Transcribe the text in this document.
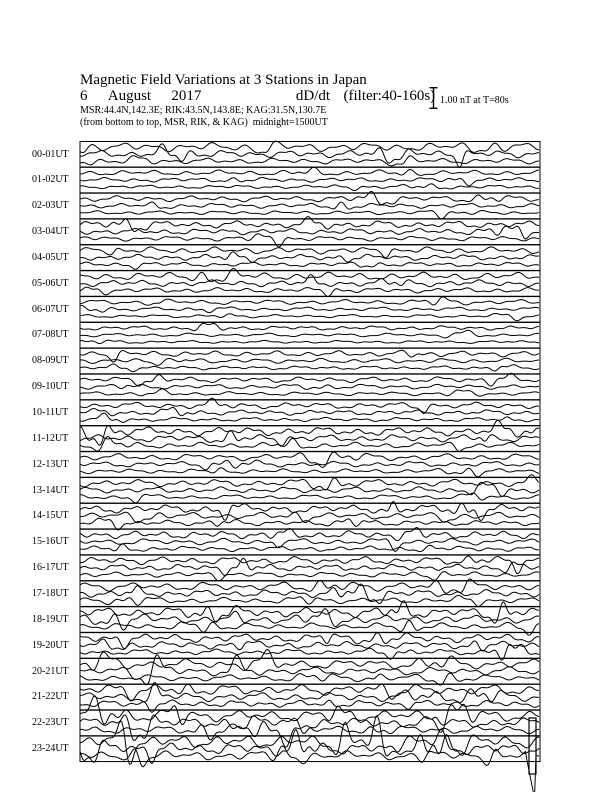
Magnetic Field Variations at 3 Stations in Japan
6 August 2017	dD/dt (filter:40-160s)
MSR:44.4N,142.3E; RIK:43.5N,143.8E; KAG:31.5N,130.7E
(from bottom to top, MSR, RIK, & KAG) midnight=1500UT
1.00 nT at T=80s
00-01UT
01-02UT
02-03UT
03-04UT
04-05UT
05-06UT
06-07UT
07-08UT
08-09UT
09-10UT
10-11UT
11-12UT
12-13UT
13-14UT
14-15UT
15-16UT
16-17UT
17-18UT
18-19UT
19-20UT
20-21UT
21-22UT
22-23UT
23-24UT
